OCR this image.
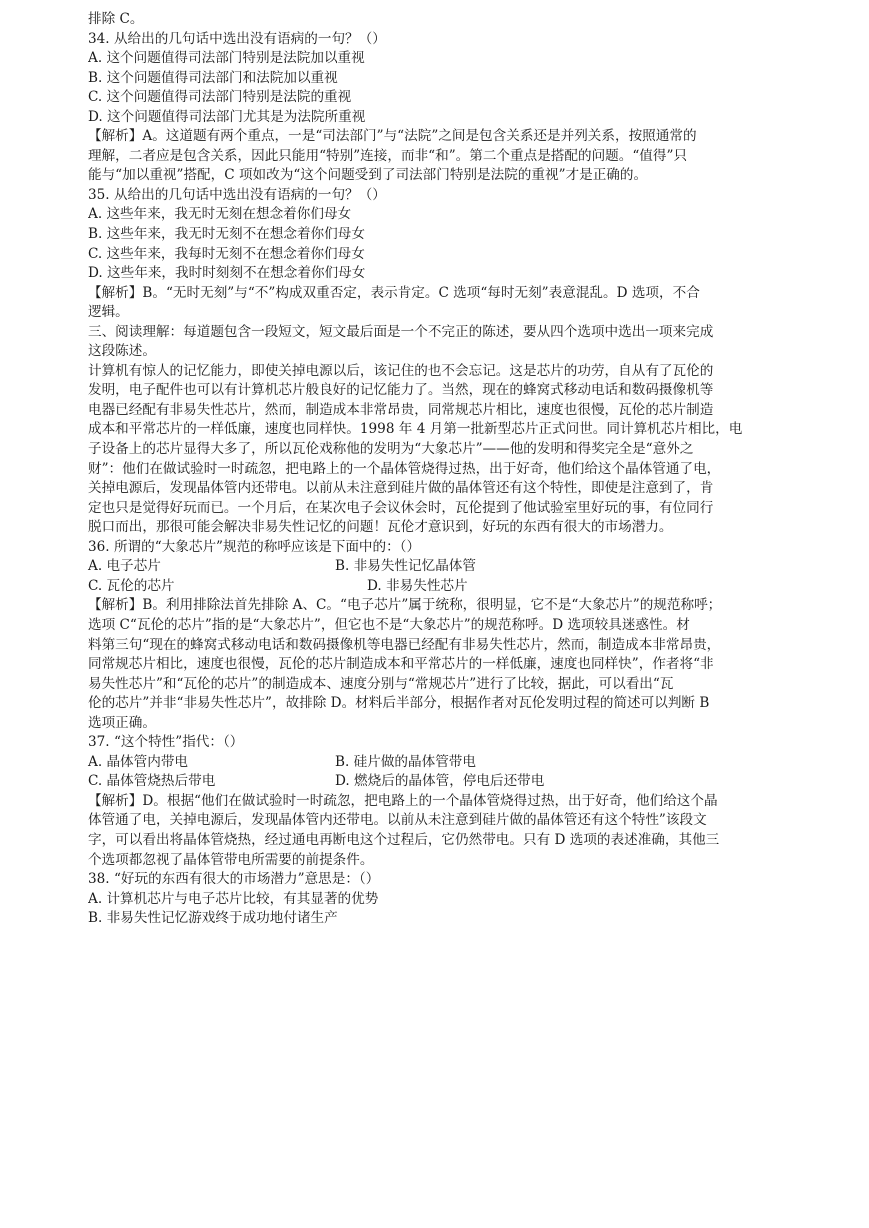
排除 C。
34. 从给出的几句话中选出没有语病的一句？（）
A. 这个问题值得司法部门特别是法院加以重视
B. 这个问题值得司法部门和法院加以重视
C. 这个问题值得司法部门特别是法院的重视
D. 这个问题值得司法部门尤其是为法院所重视
【解析】A。这道题有两个重点，一是“司法部门”与“法院”之间是包含关系还是并列关系，按照通常的
理解，二者应是包含关系，因此只能用“特别”连接，而非“和”。第二个重点是搭配的问题。“值得”只
能与“加以重视”搭配，C 项如改为“这个问题受到了司法部门特别是法院的重视”才是正确的。
35. 从给出的几句话中选出没有语病的一句？（）
A. 这些年来，我无时无刻在想念着你们母女
B. 这些年来，我无时无刻不在想念着你们母女
C. 这些年来，我每时无刻不在想念着你们母女
D. 这些年来，我时时刻刻不在想念着你们母女
【解析】B。“无时无刻”与“不”构成双重否定，表示肯定。C 选项“每时无刻”表意混乱。D 选项，不合
逻辑。
三、阅读理解：每道题包含一段短文，短文最后面是一个不完正的陈述，要从四个选项中选出一项来完成
这段陈述。
计算机有惊人的记忆能力，即使关掉电源以后，该记住的也不会忘记。这是芯片的功劳，自从有了瓦伦的
发明，电子配件也可以有计算机芯片般良好的记忆能力了。当然，现在的蜂窝式移动电话和数码摄像机等
电器已经配有非易失性芯片，然而，制造成本非常昂贵，同常规芯片相比，速度也很慢，瓦伦的芯片制造
成本和平常芯片的一样低廉，速度也同样快。1998 年 4 月第一批新型芯片正式问世。同计算机芯片相比，电
子设备上的芯片显得大多了，所以瓦伦戏称他的发明为“大象芯片”——他的发明和得奖完全是“意外之
财”：他们在做试验时一时疏忽，把电路上的一个晶体管烧得过热，出于好奇，他们给这个晶体管通了电，
关掉电源后，发现晶体管内还带电。以前从未注意到硅片做的晶体管还有这个特性，即使是注意到了，肯
定也只是觉得好玩而已。一个月后，在某次电子会议休会时，瓦伦提到了他试验室里好玩的事，有位同行
脱口而出，那很可能会解决非易失性记忆的问题！瓦伦才意识到，好玩的东西有很大的市场潜力。
36. 所谓的“大象芯片”规范的称呼应该是下面中的：（）
A. 电子芯片	B. 非易失性记忆晶体管
C. 瓦伦的芯片	D. 非易失性芯片
【解析】B。利用排除法首先排除 A、C。“电子芯片”属于统称，很明显，它不是“大象芯片”的规范称呼；
选项 C“瓦伦的芯片”指的是“大象芯片”，但它也不是“大象芯片”的规范称呼。D 选项较具迷惑性。材
料第三句“现在的蜂窝式移动电话和数码摄像机等电器已经配有非易失性芯片，然而，制造成本非常昂贵，
同常规芯片相比，速度也很慢，瓦伦的芯片制造成本和平常芯片的一样低廉，速度也同样快”，作者将“非
易失性芯片”和“瓦伦的芯片”的制造成本、速度分别与“常规芯片”进行了比较，据此，可以看出“瓦
伦的芯片”并非“非易失性芯片”，故排除 D。材料后半部分，根据作者对瓦伦发明过程的简述可以判断 B
选项正确。
37. “这个特性”指代：（）
A. 晶体管内带电	B. 硅片做的晶体管带电
C. 晶体管烧热后带电	D. 燃烧后的晶体管，停电后还带电
【解析】D。根据“他们在做试验时一时疏忽，把电路上的一个晶体管烧得过热，出于好奇，他们给这个晶
体管通了电，关掉电源后，发现晶体管内还带电。以前从未注意到硅片做的晶体管还有这个特性”该段文
字，可以看出将晶体管烧热，经过通电再断电这个过程后，它仍然带电。只有 D 选项的表述准确，其他三
个选项都忽视了晶体管带电所需要的前提条件。
38. “好玩的东西有很大的市场潜力”意思是：（）
A. 计算机芯片与电子芯片比较，有其显著的优势
B. 非易失性记忆游戏终于成功地付诸生产
